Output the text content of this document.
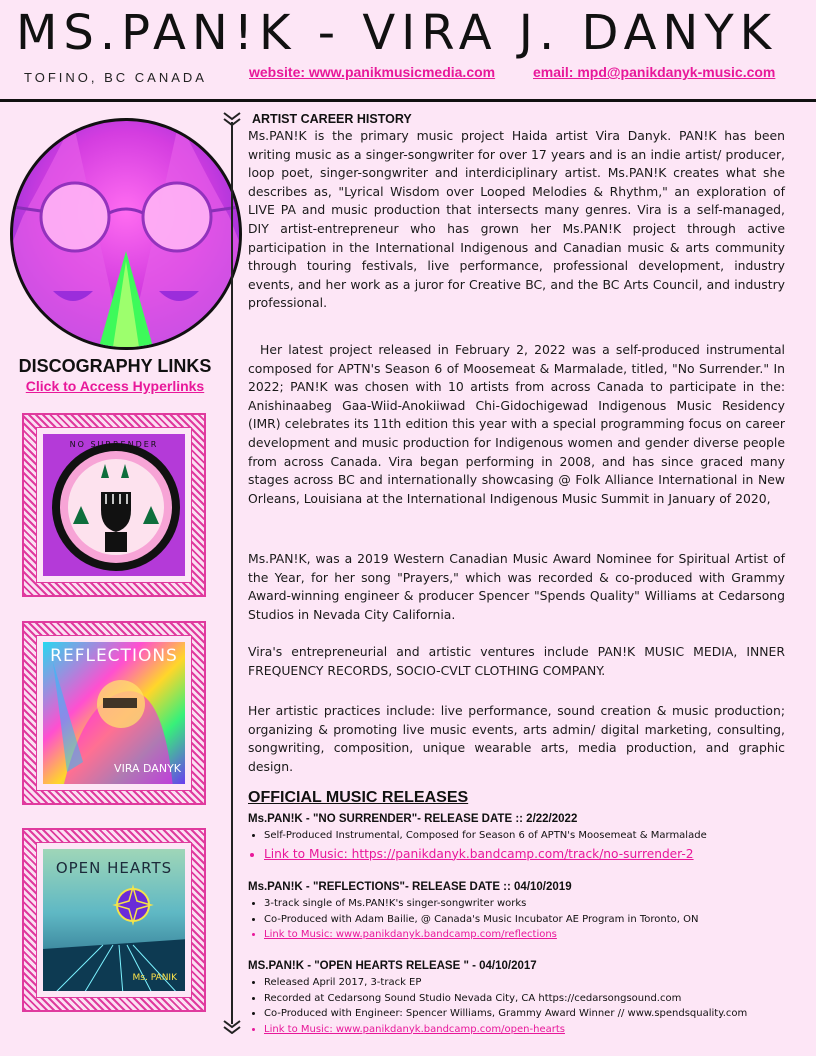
MS.PAN!K - VIRA J. DANYK
TOFINO, BC CANADA	website: www.panikmusicmedia.com	email: mpd@panikdanyk-music.com
DISCOGRAPHY LINKS
Click to Access Hyperlinks
NO SURRENDER
REFLECTIONS
VIRA DANYK
OPEN HEARTS
Ms. PANIK
ARTIST CAREER HISTORY

Ms.PAN!K is the primary music project Haida artist Vira Danyk. PAN!K has been writing music as a singer-songwriter for over 17 years and is an indie artist/ producer, loop poet, singer-songwriter and interdiciplinary artist. Ms.PAN!K creates what she describes as, "Lyrical Wisdom over Looped Melodies & Rhythm," an exploration of LIVE PA and music production that intersects many genres. Vira is a self-managed, DIY artist-entrepreneur who has grown her Ms.PAN!K project through active participation in the International Indigenous and Canadian music & arts community through touring festivals, live performance, professional development, industry events, and her work as a juror for Creative BC, and the BC Arts Council, and industry professional.

Her latest project released in February 2, 2022 was a self-produced instrumental composed for APTN's Season 6 of Moosemeat & Marmalade, titled, "No Surrender." In 2022; PAN!K was chosen with 10 artists from across Canada to participate in the: Anishinaabeg Gaa-Wiid-Anokiiwad Chi-Gidochigewad Indigenous Music Residency (IMR) celebrates its 11th edition this year with a special programming focus on career development and music production for Indigenous women and gender diverse people from across Canada. Vira began performing in 2008, and has since graced many stages across BC and internationally showcasing @ Folk Alliance International in New Orleans, Louisiana at the International Indigenous Music Summit in January of 2020,

Ms.PAN!K, was a 2019 Western Canadian Music Award Nominee for Spiritual Artist of the Year, for her song "Prayers," which was recorded & co-produced with Grammy Award-winning engineer & producer Spencer "Spends Quality" Williams at Cedarsong Studios in Nevada City California.

Vira's entrepreneurial and artistic ventures include PAN!K MUSIC MEDIA, INNER FREQUENCY RECORDS, SOCIO-CVLT CLOTHING COMPANY.

Her artistic practices include: live performance, sound creation & music production; organizing & promoting live music events, arts admin/ digital marketing, consulting, songwriting, composition, unique wearable arts, media production, and graphic design.

OFFICIAL MUSIC RELEASES
Ms.PAN!K - "NO SURRENDER"- RELEASE DATE :: 2/22/2022
• Self-Produced Instrumental, Composed for Season 6 of APTN's Moosemeat & Marmalade
• Link to Music: https://panikdanyk.bandcamp.com/track/no-surrender-2
Ms.PAN!K - "REFLECTIONS"- RELEASE DATE :: 04/10/2019
• 3-track single of Ms.PAN!K's singer-songwriter works
• Co-Produced with Adam Bailie, @ Canada's Music Incubator AE Program in Toronto, ON
• Link to Music: www.panikdanyk.bandcamp.com/reflections
MS.PAN!K - "OPEN HEARTS RELEASE " - 04/10/2017
• Released April 2017, 3-track EP
• Recorded at Cedarsong Sound Studio Nevada City, CA https://cedarsongsound.com
• Co-Produced with Engineer: Spencer Williams, Grammy Award Winner // www.spendsquality.com
• Link to Music: www.panikdanyk.bandcamp.com/open-hearts
